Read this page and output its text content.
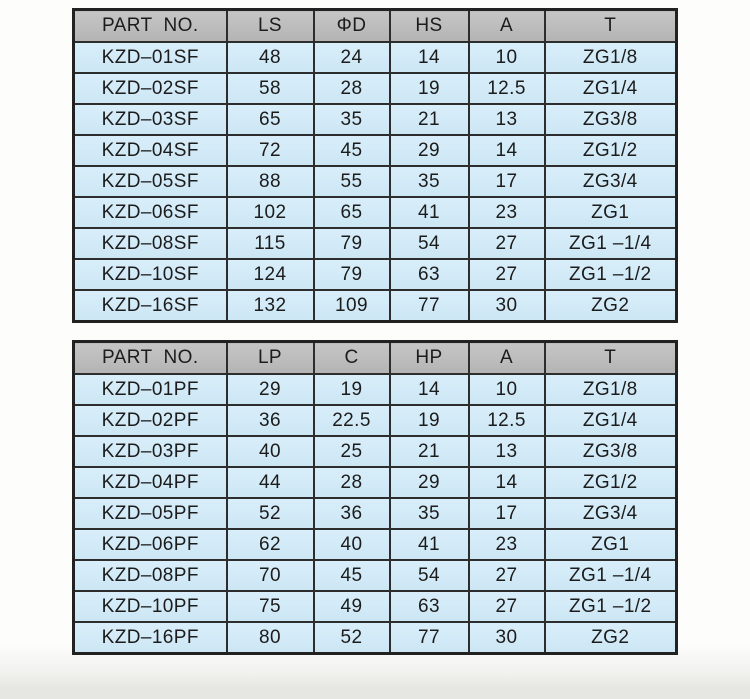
PART  NO.	LS	ΦD	HS	A	T
KZD–01SF	48	24	14	10	ZG1/8
KZD–02SF	58	28	19	12.5	ZG1/4
KZD–03SF	65	35	21	13	ZG3/8
KZD–04SF	72	45	29	14	ZG1/2
KZD–05SF	88	55	35	17	ZG3/4
KZD–06SF	102	65	41	23	ZG1
KZD–08SF	115	79	54	27	ZG1 –1/4
KZD–10SF	124	79	63	27	ZG1 –1/2
KZD–16SF	132	109	77	30	ZG2
PART  NO.	LP	C	HP	A	T
KZD–01PF	29	19	14	10	ZG1/8
KZD–02PF	36	22.5	19	12.5	ZG1/4
KZD–03PF	40	25	21	13	ZG3/8
KZD–04PF	44	28	29	14	ZG1/2
KZD–05PF	52	36	35	17	ZG3/4
KZD–06PF	62	40	41	23	ZG1
KZD–08PF	70	45	54	27	ZG1 –1/4
KZD–10PF	75	49	63	27	ZG1 –1/2
KZD–16PF	80	52	77	30	ZG2
